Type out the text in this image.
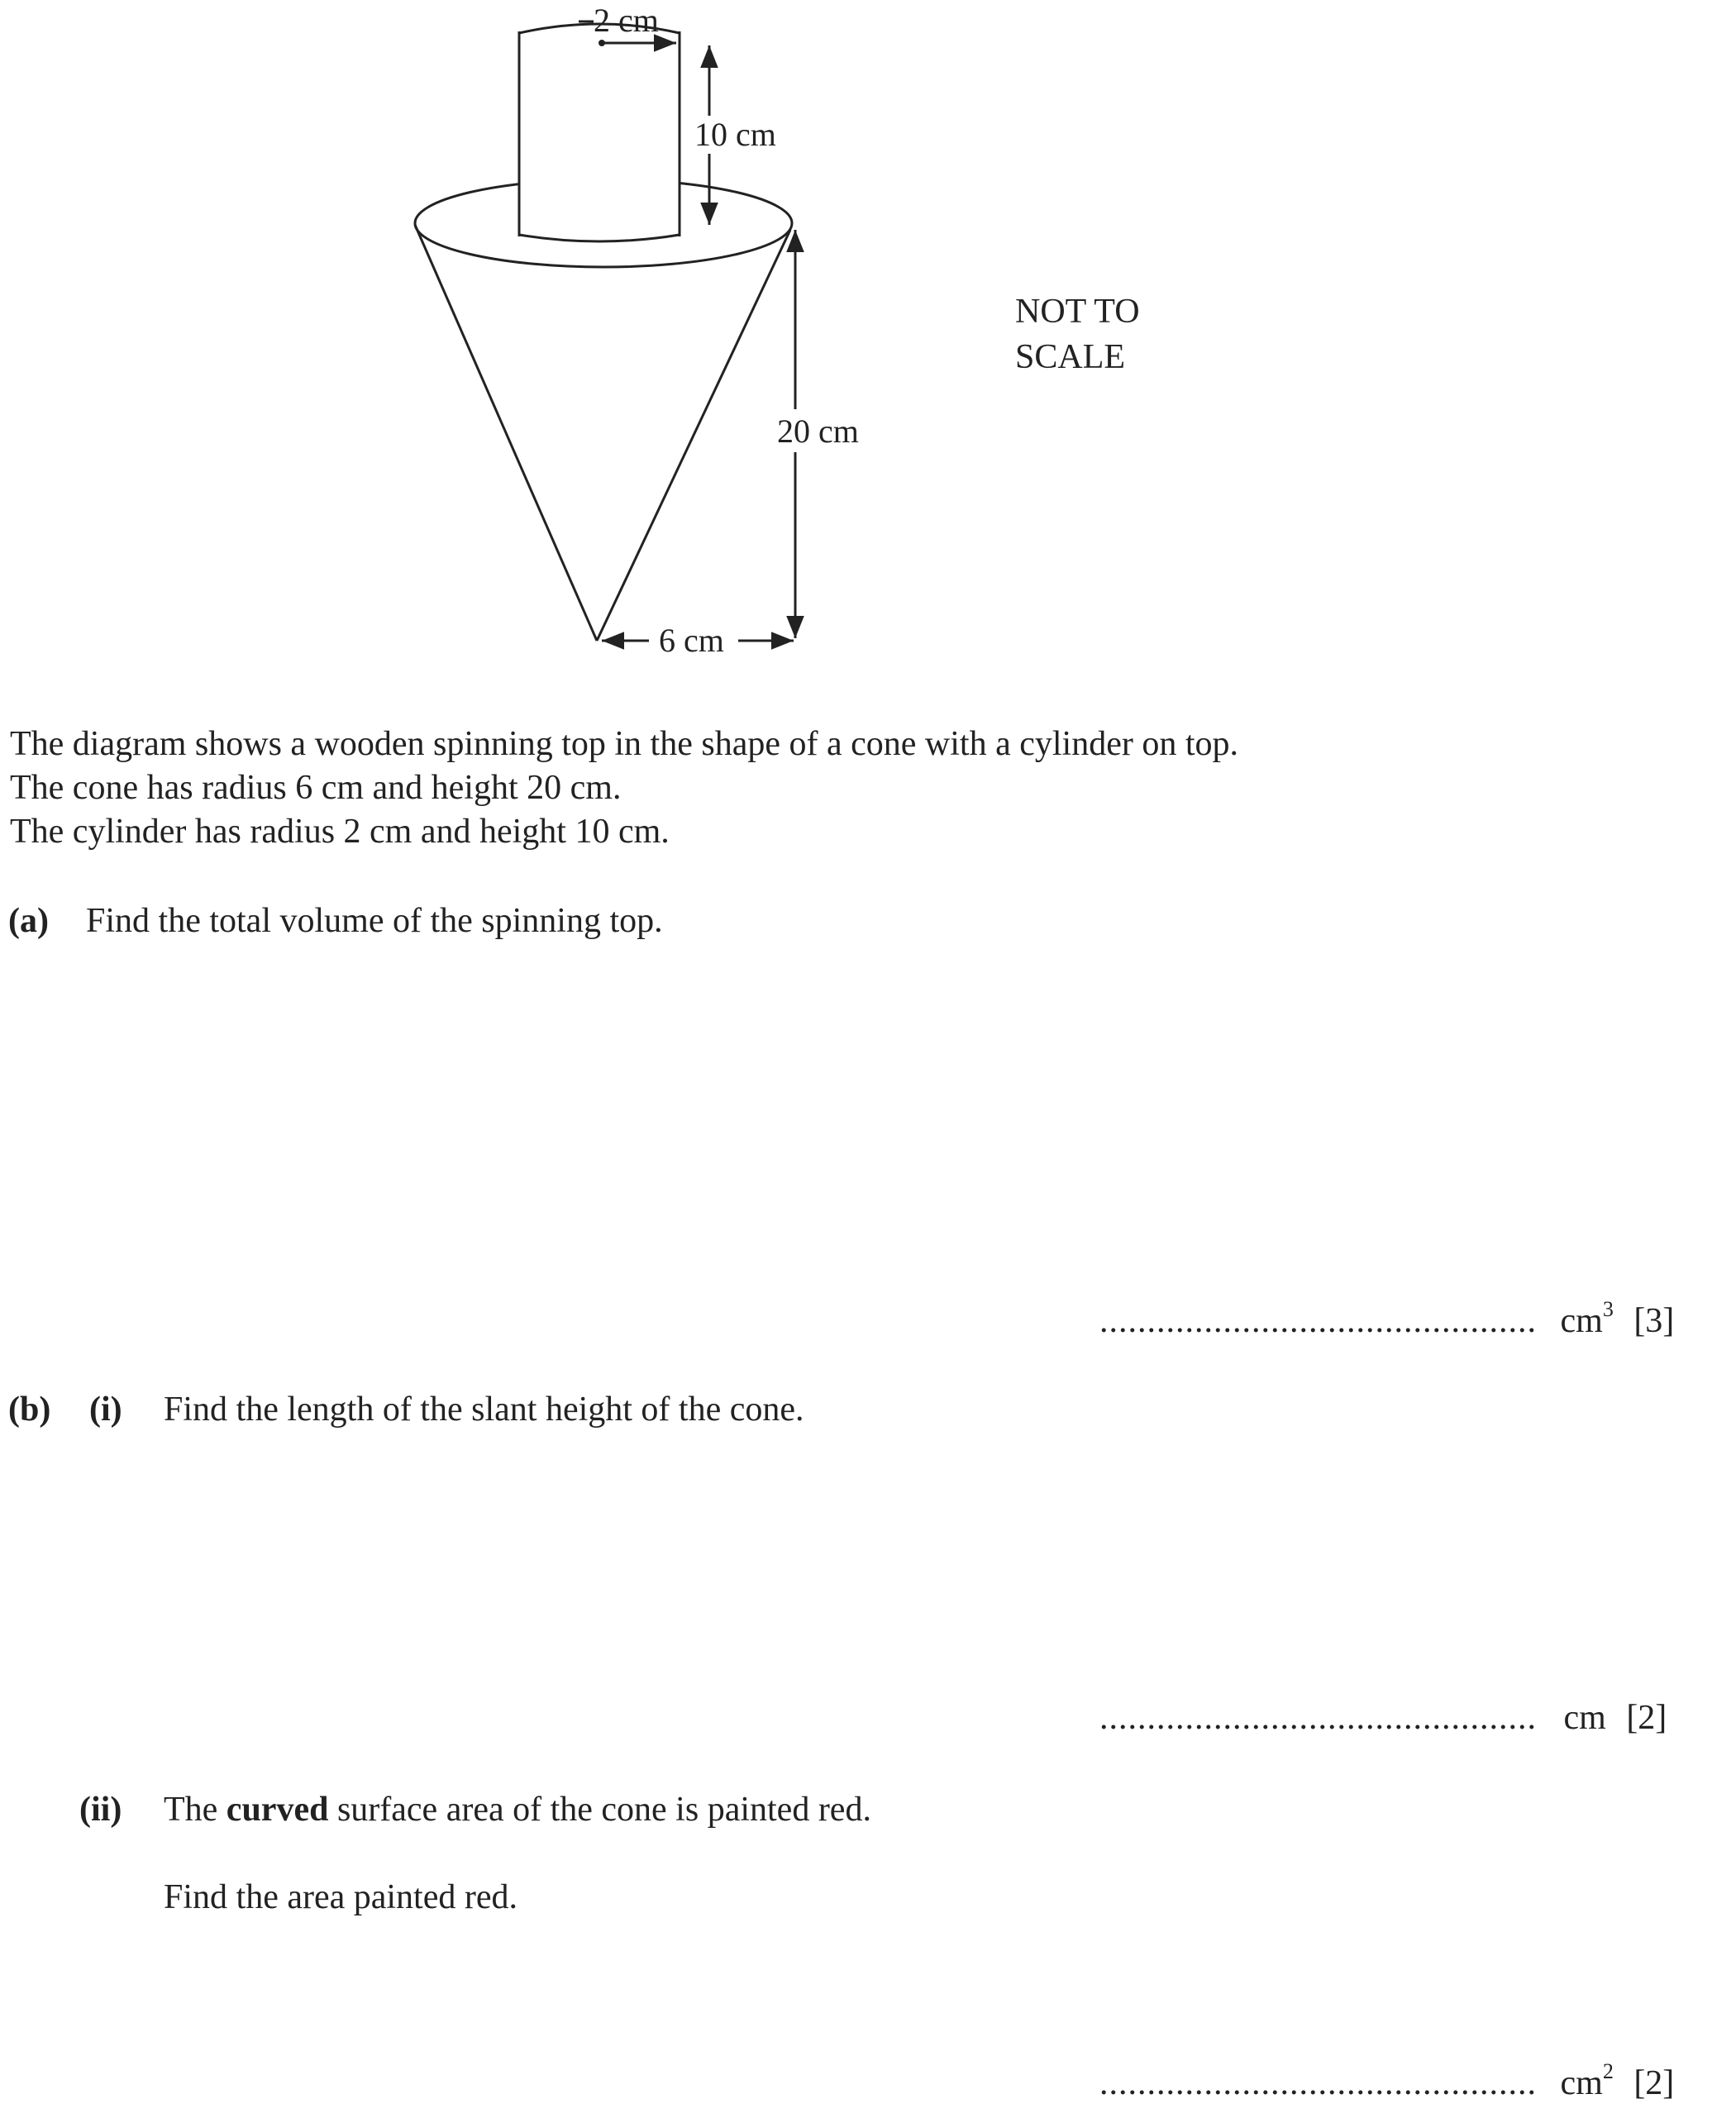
2 cm
10 cm
20 cm
6 cm
NOT TO
SCALE

The diagram shows a wooden spinning top in the shape of a cone with a cylinder on top.

The cone has radius 6 cm and height 20 cm.

The cylinder has radius 2 cm and height 10 cm.

(a) Find the total volume of the spinning top.

.............................................. $cm^3$ [3]

(b) (i) Find the length of the slant height of the cone.

.............................................. cm [2]

(ii) The curved surface area of the cone is painted red.

Find the area painted red.

.............................................. $cm^2$ [2]
